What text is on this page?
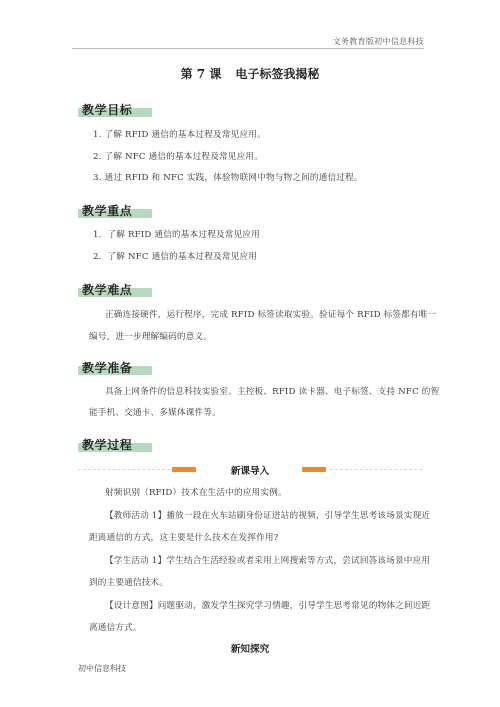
文务教育版初中信息科技
第 7 课 电子标签我揭秘
教学目标
1. 了解 RFID 通信的基本过程及常见应用。
2. 了解 NFC 通信的基本过程及常见应用。
3. 通过 RFID 和 NFC 实践，体验物联网中物与物之间的通信过程。
教学重点
1．了解 RFID 通信的基本过程及常见应用
2．了解 NFC 通信的基本过程及常见应用
教学难点
正确连接硬件，运行程序，完成 RFID 标签读取实验。验证每个 RFID 标签都有唯一
编号，进一步理解编码的意义。
教学准备
具备上网条件的信息科技实验室、主控板、RFID 读卡器、电子标签、支持 NFC 的智
能手机、交通卡、多媒体课件等。
教学过程
新课导入
射频识别（RFID）技术在生活中的应用实例。
【教师活动 1】播放一段在火车站刷身份证进站的视频，引导学生思考该场景实现近
距离通信的方式，这主要是什么技术在发挥作用?
【学生活动 1】学生结合生活经验或者采用上网搜索等方式，尝试回答该场景中应用
到的主要通信技术。
【设计意图】问题驱动，激发学生探究学习情趣，引导学生思考常见的物体之间近距
离通信方式。
新知探究
初中信息科技
